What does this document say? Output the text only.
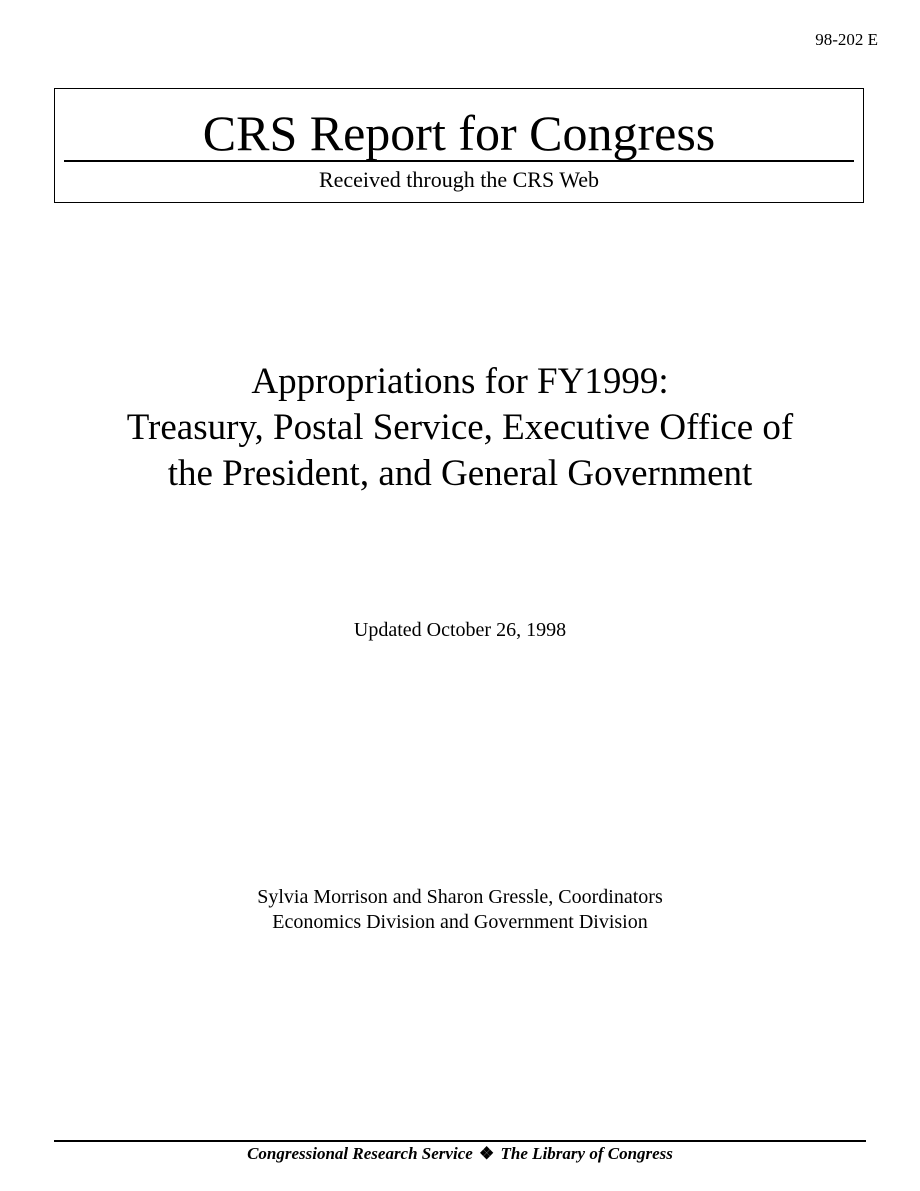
98-202 E
CRS Report for Congress
Received through the CRS Web
Appropriations for FY1999:
Treasury, Postal Service, Executive Office of
the President, and General Government
Updated October 26, 1998
Sylvia Morrison and Sharon Gressle, Coordinators
Economics Division and Government Division
Congressional Research Service ❖ The Library of Congress
